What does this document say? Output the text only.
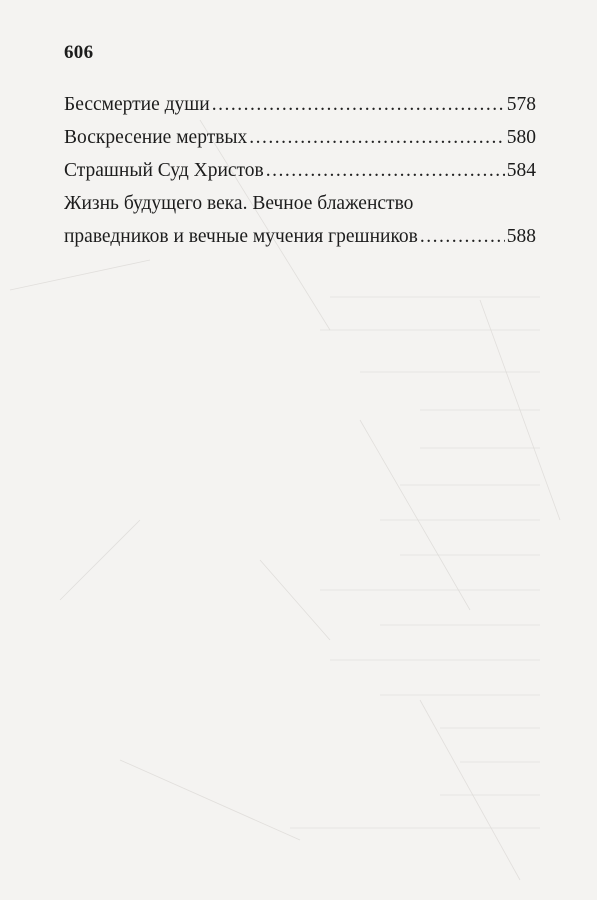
606
Бессмертие души .....	578
Воскресение мертвых .....	580
Страшный Суд Христов .....	584
Жизнь будущего века. Вечное блаженство
праведников и вечные мучения грешников .....	588
